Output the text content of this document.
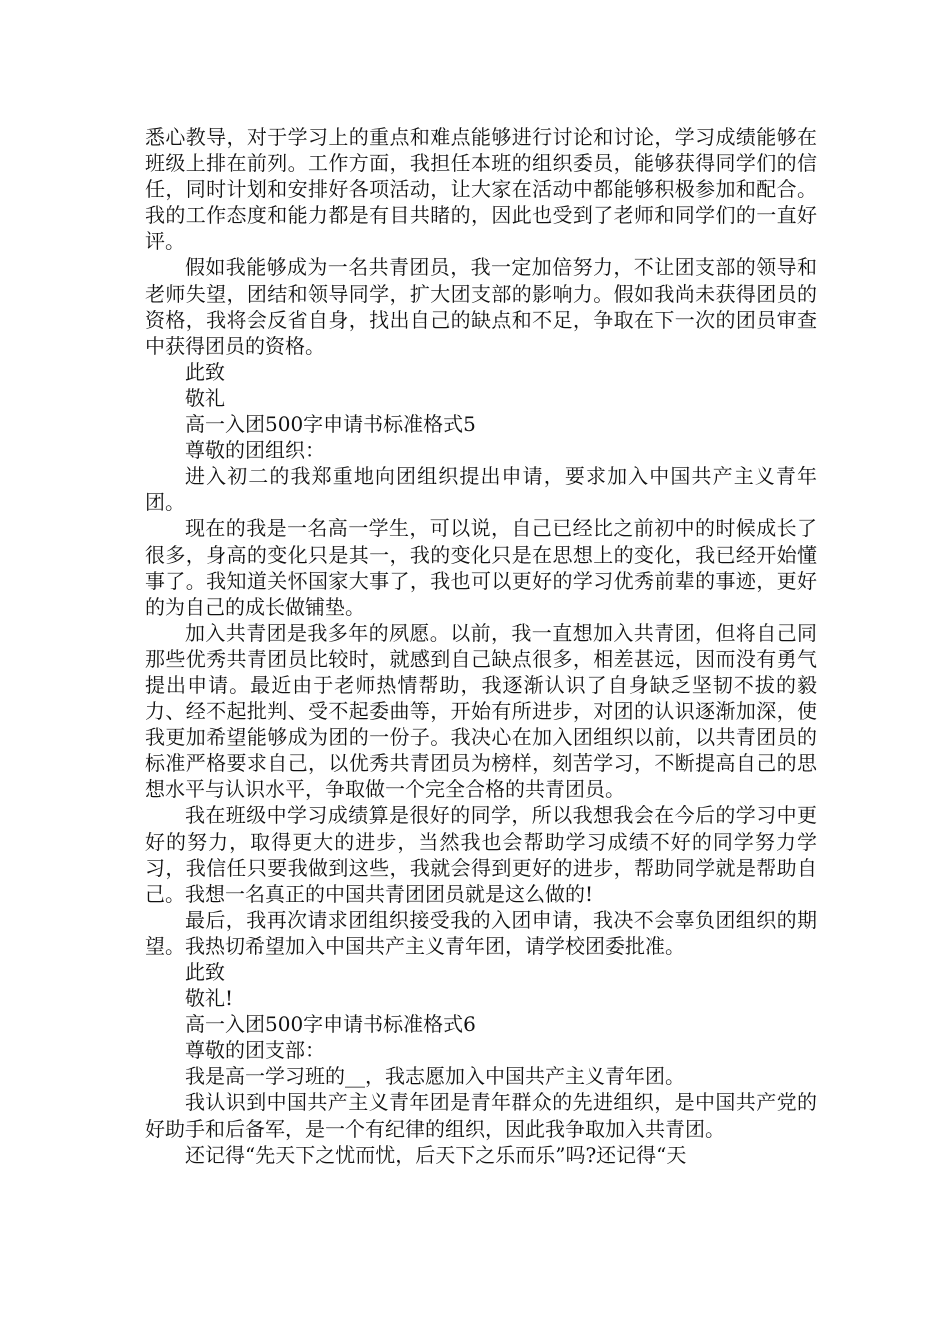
悉心教导，对于学习上的重点和难点能够进行讨论和讨论，学习成绩能够在班级上排在前列。工作方面，我担任本班的组织委员，能够获得同学们的信任，同时计划和安排好各项活动，让大家在活动中都能够积极参加和配合。我的工作态度和能力都是有目共睹的，因此也受到了老师和同学们的一直好评。

假如我能够成为一名共青团员，我一定加倍努力，不让团支部的领导和老师失望，团结和领导同学，扩大团支部的影响力。假如我尚未获得团员的资格，我将会反省自身，找出自己的缺点和不足，争取在下一次的团员审查中获得团员的资格。

此致

敬礼

高一入团500字申请书标准格式5

尊敬的团组织：

进入初二的我郑重地向团组织提出申请，要求加入中国共产主义青年团。

现在的我是一名高一学生，可以说，自己已经比之前初中的时候成长了很多，身高的变化只是其一，我的变化只是在思想上的变化，我已经开始懂事了。我知道关怀国家大事了，我也可以更好的学习优秀前辈的事迹，更好的为自己的成长做铺垫。

加入共青团是我多年的夙愿。以前，我一直想加入共青团，但将自己同那些优秀共青团员比较时，就感到自己缺点很多，相差甚远，因而没有勇气提出申请。最近由于老师热情帮助，我逐渐认识了自身缺乏坚韧不拔的毅力、经不起批判、受不起委曲等，开始有所进步，对团的认识逐渐加深，使我更加希望能够成为团的一份子。我决心在加入团组织以前，以共青团员的标准严格要求自己，以优秀共青团员为榜样，刻苦学习，不断提高自己的思想水平与认识水平，争取做一个完全合格的共青团员。

我在班级中学习成绩算是很好的同学，所以我想我会在今后的学习中更好的努力，取得更大的进步，当然我也会帮助学习成绩不好的同学努力学习，我信任只要我做到这些，我就会得到更好的进步，帮助同学就是帮助自己。我想一名真正的中国共青团团员就是这么做的!

最后，我再次请求团组织接受我的入团申请，我决不会辜负团组织的期望。我热切希望加入中国共产主义青年团，请学校团委批准。

此致

敬礼!

高一入团500字申请书标准格式6

尊敬的团支部：

我是高一学习班的__，我志愿加入中国共产主义青年团。

我认识到中国共产主义青年团是青年群众的先进组织，是中国共产党的好助手和后备军，是一个有纪律的组织，因此我争取加入共青团。

还记得“先天下之忧而忧，后天下之乐而乐”吗?还记得“天
